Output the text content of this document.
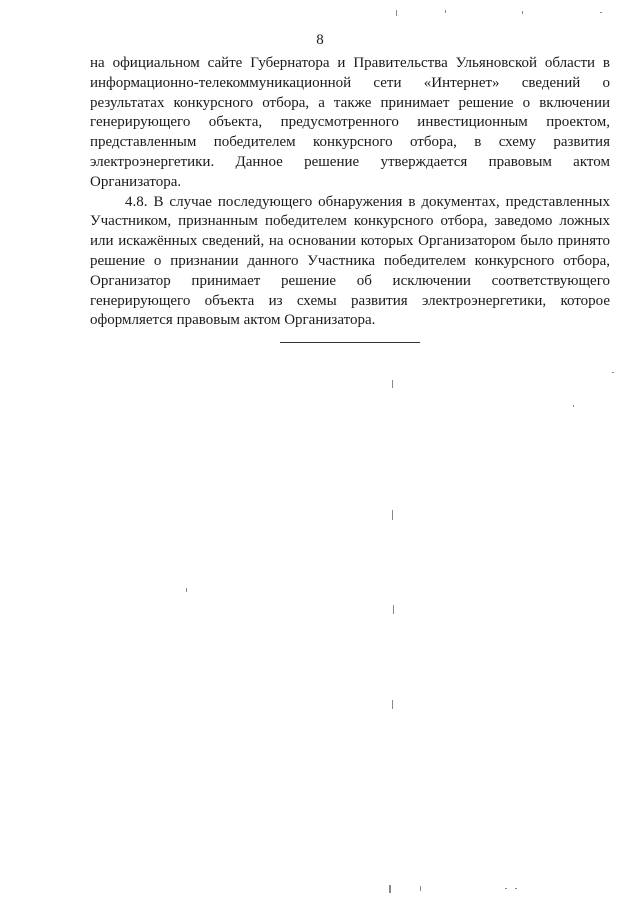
8

на официальном сайте Губернатора и Правительства Ульяновской области в информационно-телекоммуникационной сети «Интернет» сведений о результатах конкурсного отбора, а также принимает решение о включении генерирующего объекта, предусмотренного инвестиционным проектом, представленным победителем конкурсного отбора, в схему развития электроэнергетики. Данное решение утверждается правовым актом Организатора.

4.8. В случае последующего обнаружения в документах, представленных Участником, признанным победителем конкурсного отбора, заведомо ложных или искажённых сведений, на основании которых Организатором было принято решение о признании данного Участника победителем конкурсного отбора, Организатор принимает решение об исключении соответствующего генерирующего объекта из схемы развития электроэнергетики, которое оформляется правовым актом Организатора.
